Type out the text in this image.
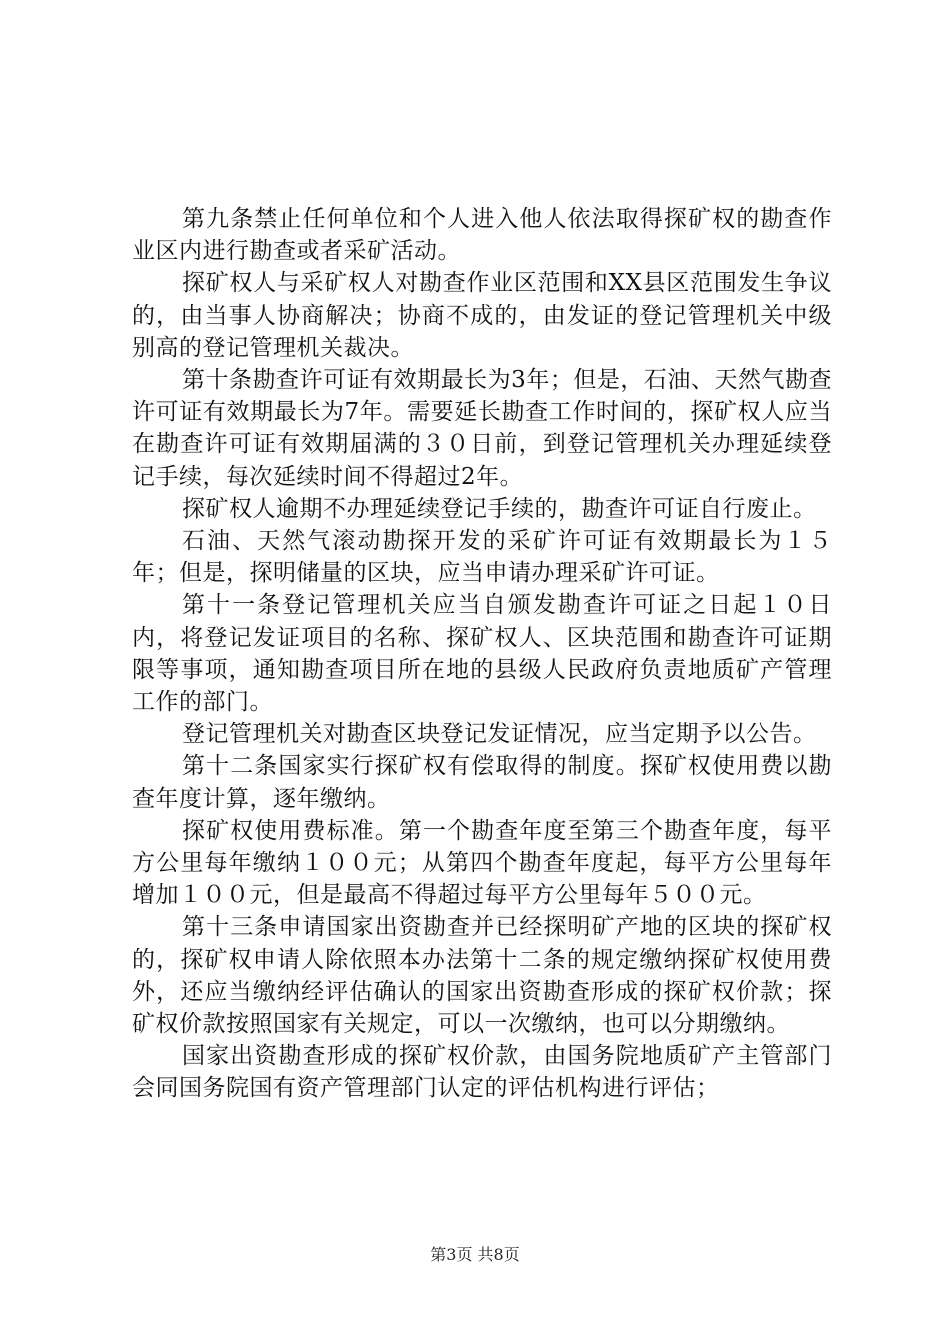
第九条禁止任何单位和个人进入他人依法取得探矿权的勘查作业区内进行勘查或者采矿活动。

探矿权人与采矿权人对勘查作业区范围和XX县区范围发生争议的，由当事人协商解决；协商不成的，由发证的登记管理机关中级别高的登记管理机关裁决。

第十条勘查许可证有效期最长为3年；但是，石油、天然气勘查许可证有效期最长为7年。需要延长勘查工作时间的，探矿权人应当在勘查许可证有效期届满的３０日前，到登记管理机关办理延续登记手续，每次延续时间不得超过2年。

探矿权人逾期不办理延续登记手续的，勘查许可证自行废止。

石油、天然气滚动勘探开发的采矿许可证有效期最长为１５年；但是，探明储量的区块，应当申请办理采矿许可证。

第十一条登记管理机关应当自颁发勘查许可证之日起１０日内，将登记发证项目的名称、探矿权人、区块范围和勘查许可证期限等事项，通知勘查项目所在地的县级人民政府负责地质矿产管理工作的部门。

登记管理机关对勘查区块登记发证情况，应当定期予以公告。

第十二条国家实行探矿权有偿取得的制度。探矿权使用费以勘查年度计算，逐年缴纳。

探矿权使用费标准。第一个勘查年度至第三个勘查年度，每平方公里每年缴纳１００元；从第四个勘查年度起，每平方公里每年增加１００元，但是最高不得超过每平方公里每年５００元。

第十三条申请国家出资勘查并已经探明矿产地的区块的探矿权的，探矿权申请人除依照本办法第十二条的规定缴纳探矿权使用费外，还应当缴纳经评估确认的国家出资勘查形成的探矿权价款；探矿权价款按照国家有关规定，可以一次缴纳，也可以分期缴纳。

国家出资勘查形成的探矿权价款，由国务院地质矿产主管部门会同国务院国有资产管理部门认定的评估机构进行评估；

第3页 共8页
